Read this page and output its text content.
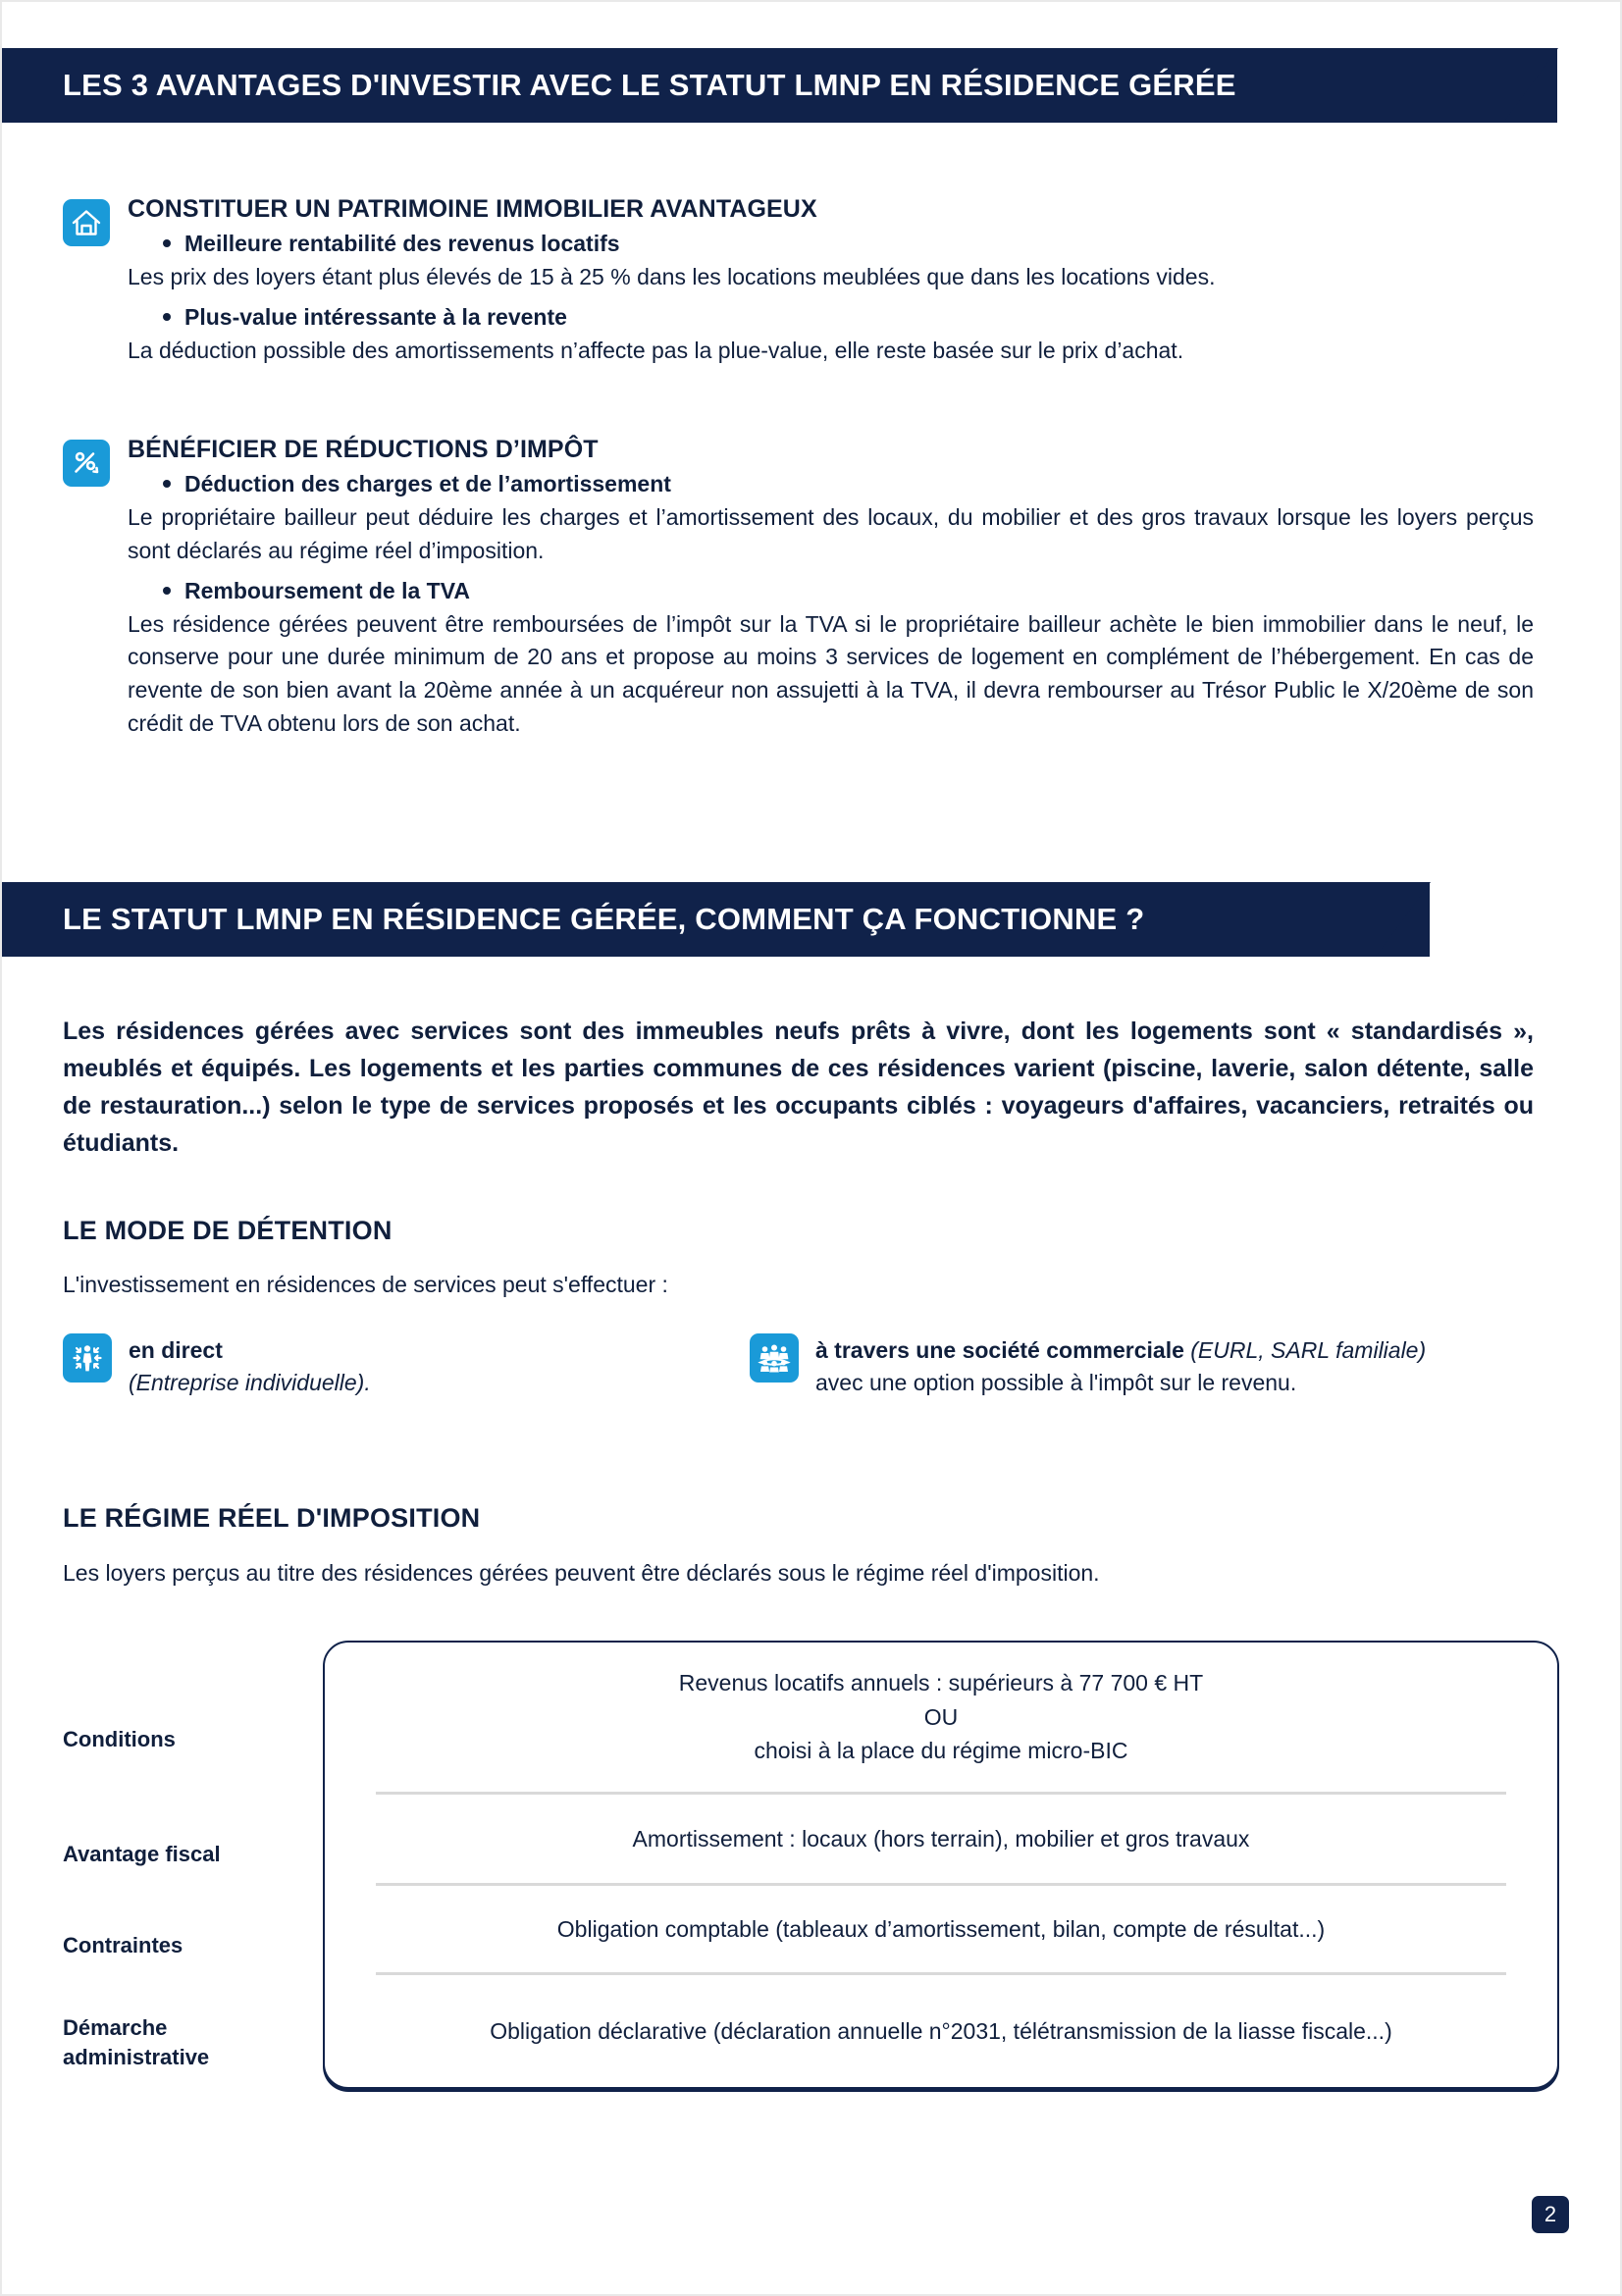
LES 3 AVANTAGES D'INVESTIR AVEC LE STATUT LMNP EN RÉSIDENCE GÉRÉE
CONSTITUER UN PATRIMOINE IMMOBILIER AVANTAGEUX
Meilleure rentabilité des revenus locatifs

Les prix des loyers étant plus élevés de 15 à 25 % dans les locations meublées que dans les locations vides.

Plus-value intéressante à la revente

La déduction possible des amortissements n’affecte pas la plue-value, elle reste basée sur le prix d’achat.

BÉNÉFICIER DE RÉDUCTIONS D’IMPÔT
Déduction des charges et de l’amortissement

Le propriétaire bailleur peut déduire les charges et l’amortissement des locaux, du mobilier et des gros travaux lorsque les loyers perçus sont déclarés au régime réel d’imposition.

Remboursement de la TVA

Les résidence gérées peuvent être remboursées de l’impôt sur la TVA si le propriétaire bailleur achète le bien immobilier dans le neuf, le conserve pour une durée minimum de 20 ans et propose au moins 3 services de logement en complément de l’hébergement. En cas de revente de son bien avant la 20ème année à un acquéreur non assujetti à la TVA, il devra rembourser au Trésor Public le X/20ème de son crédit de TVA obtenu lors de son achat.

LE STATUT LMNP EN RÉSIDENCE GÉRÉE, COMMENT ÇA FONCTIONNE ?
Les résidences gérées avec services sont des immeubles neufs prêts à vivre, dont les logements sont « standardisés », meublés et équipés. Les logements et les parties communes de ces résidences varient (piscine, laverie, salon détente, salle de restauration...) selon le type de services proposés et les occupants ciblés : voyageurs d'affaires, vacanciers, retraités ou étudiants.
LE MODE DE DÉTENTION
L'investissement en résidences de services peut s'effectuer :
en direct
(Entreprise individuelle).
à travers une société commerciale (EURL, SARL familiale)
avec une option possible à l'impôt sur le revenu.
LE RÉGIME RÉEL D'IMPOSITION
Les loyers perçus au titre des résidences gérées peuvent être déclarés sous le régime réel d'imposition.
Conditions
Avantage fiscal
Contraintes
Démarche
administrative
Revenus locatifs annuels : supérieurs à 77 700 € HT
OU
choisi à la place du régime micro-BIC
Amortissement : locaux (hors terrain), mobilier et gros travaux
Obligation comptable (tableaux d’amortissement, bilan, compte de résultat...)
Obligation déclarative (déclaration annuelle n°2031, télétransmission de la liasse fiscale...)
2
